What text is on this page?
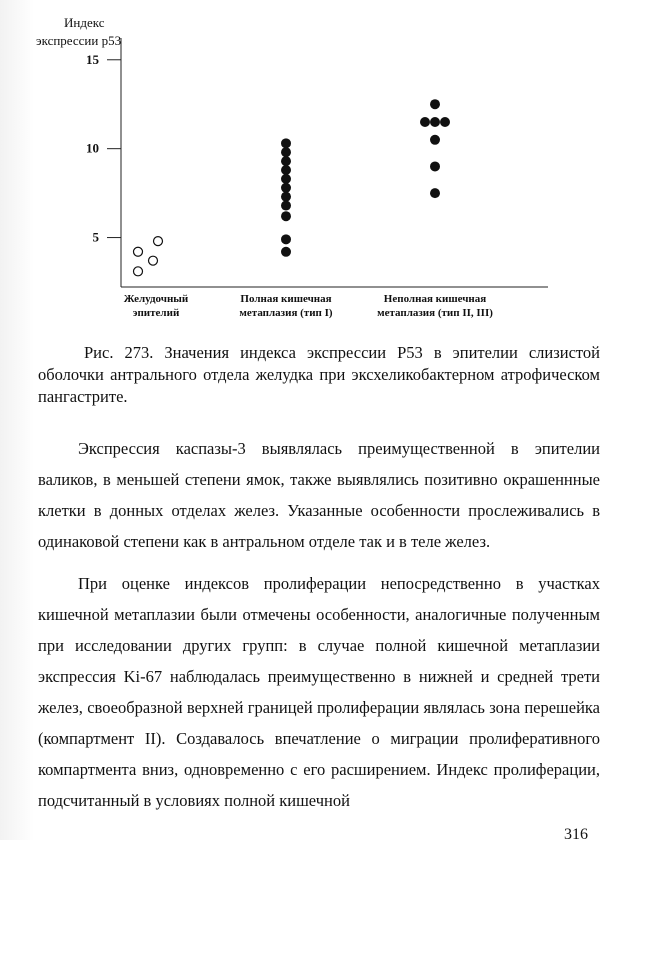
Индекс
экспрессии p53
5
10
15
Желудочный
эпителий
Полная кишечная
метаплазия (тип I)
Неполная кишечная
метаплазия (тип II, III)
Рис. 273. Значения индекса экспрессии P53 в эпителии слизистой оболочки антрального отдела желудка при эксхеликобактерном атрофическом пангастрите.

Экспрессия каспазы-3 выявлялась преимущественной в эпителии валиков, в меньшей степени ямок, также выявлялись позитивно окрашеннные клетки в донных отделах желез. Указанные особенности прослеживались в одинаковой степени как в антральном отделе так и в теле желез.

При оценке индексов пролиферации непосредственно в участках кишечной метаплазии были отмечены особенности, аналогичные полученным при исследовании других групп: в случае полной кишечной метаплазии экспрессия Ki-67 наблюдалась преимущественно в нижней и средней трети желез, своеобразной верхней границей пролиферации являлась зона перешейка (компартмент II). Создавалось впечатление о миграции пролиферативного компартмента вниз, одновременно с его расширением. Индекс пролиферации, подсчитанный в условиях полной кишечной

316
